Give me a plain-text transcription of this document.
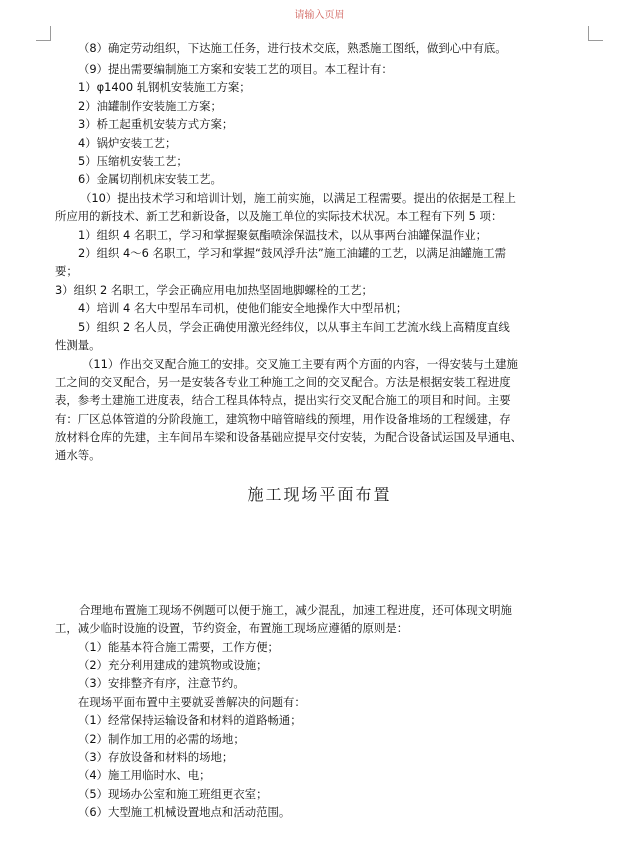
请输入页眉
（8）确定劳动组织，下达施工任务，进行技术交底，熟悉施工图纸，做到心中有底。
（9）提出需要编制施工方案和安装工艺的项目。本工程计有：
1）φ1400 轧钢机安装施工方案；
2）油罐制作安装施工方案；
3）桥工起重机安装方式方案；
4）锅炉安装工艺；
5）压缩机安装工艺；
6）金属切削机床安装工艺。
（10）提出技术学习和培训计划，施工前实施，以满足工程需要。提出的依据是工程上
所应用的新技术、新工艺和新设备，以及施工单位的实际技术状况。本工程有下列 5 项：
1）组织 4 名职工，学习和掌握聚氨酯喷涂保温技术，以从事两台油罐保温作业；
2）组织 4～6 名职工，学习和掌握“鼓风浮升法”施工油罐的工艺，以满足油罐施工需
要；
3）组织 2 名职工，学会正确应用电加热坚固地脚螺栓的工艺；
4）培训 4 名大中型吊车司机，使他们能安全地操作大中型吊机；
5）组织 2 名人员，学会正确使用激光经纬仪，以从事主车间工艺流水线上高精度直线
性测量。
（11）作出交叉配合施工的安排。交叉施工主要有两个方面的内容，一得安装与土建施
工之间的交叉配合，另一是安装各专业工种施工之间的交叉配合。方法是根据安装工程进度
表，参考土建施工进度表，结合工程具体特点，提出实行交叉配合施工的项目和时间。主要
有：厂区总体管道的分阶段施工，建筑物中暗管暗线的预埋，用作设备堆场的工程缓建，存
放材料仓库的先建，主车间吊车梁和设备基础应提早交付安装，为配合设备试运国及早通电、
通水等。
施工现场平面布置
合理地布置施工现场不例题可以便于施工，减少混乱，加速工程进度，还可体现文明施
工，减少临时设施的设置，节约资金，布置施工现场应遵循的原则是：
（1）能基本符合施工需要，工作方便；
（2）充分利用建成的建筑物或设施；
（3）安排整齐有序，注意节约。
在现场平面布置中主要就妥善解决的问题有：
（1）经常保持运输设备和材料的道路畅通；
（2）制作加工用的必需的场地；
（3）存放设备和材料的场地；
（4）施工用临时水、电；
（5）现场办公室和施工班组更衣室；
（6）大型施工机械设置地点和活动范围。
